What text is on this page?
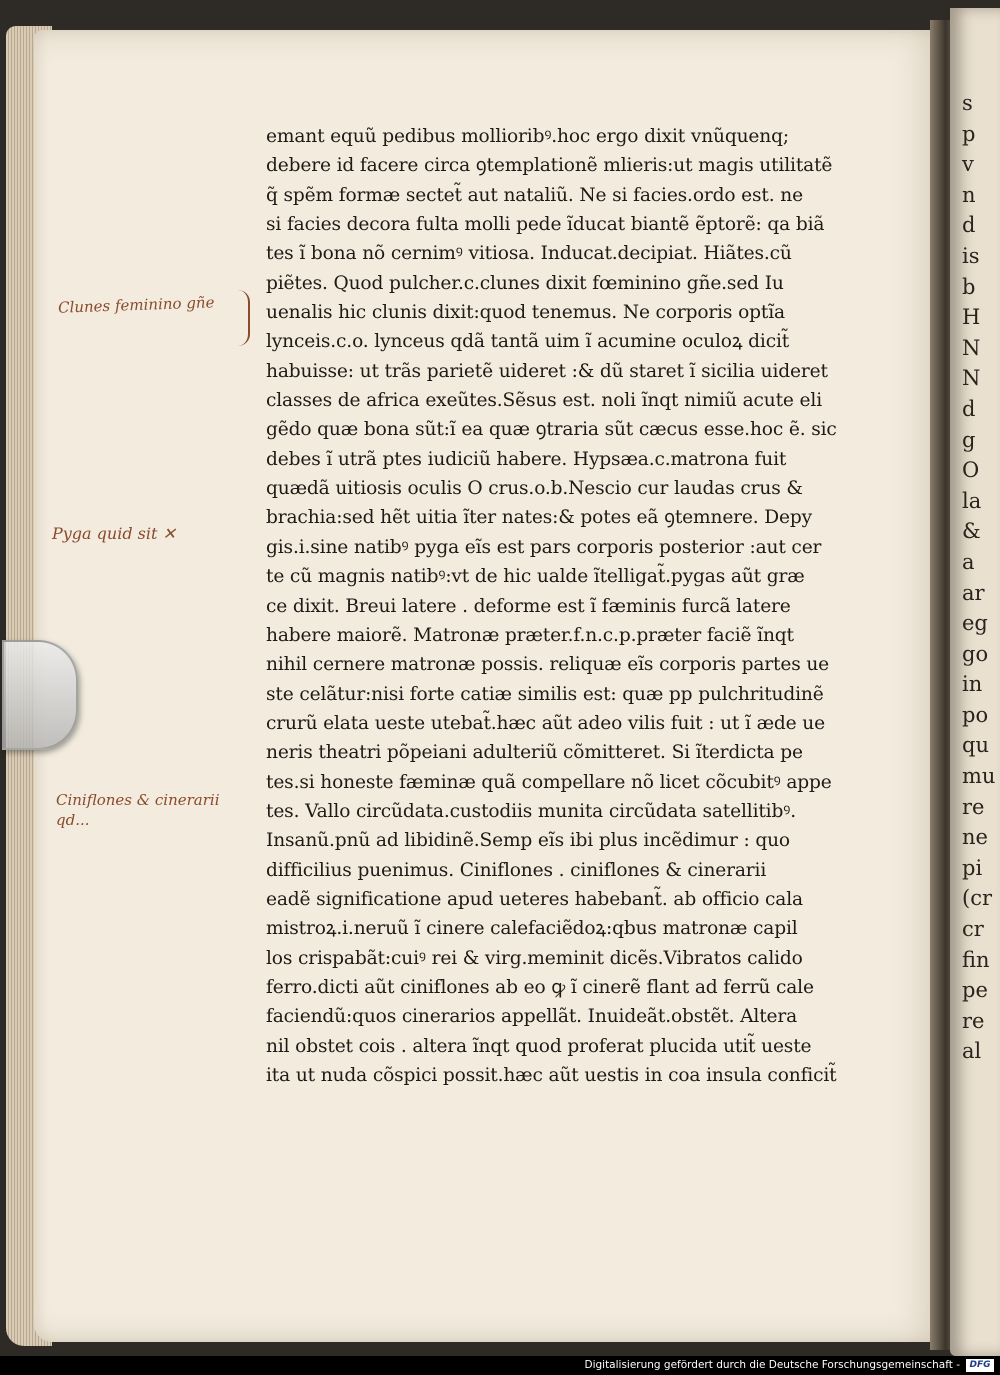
s
p
v
n
d
is
b
H
N
N
d
g
O
la
&
a
ar
eg
go
in
po
qu
mu
re
ne
pi
(cr
cr
fin
pe
re
al
emant equũ pedibus mollioribꝰ.hoc ergo dixit vnũquenq;
debere id facere circa ꝯtemplationẽ mlieris:ut magis utilitatẽ
q̃ spẽm formæ sectet̃ aut nataliũ. Ne si facies.ordo est. ne
si facies decora fulta molli pede ĩducat biantẽ ẽptorẽ: qa biã
tes ĩ bona nõ cernimꝰ vitiosa. Inducat.decipiat. Hiãtes.cũ
piẽtes. Quod pulcher.c.clunes dixit fœminino gñe.sed Iu
uenalis hic clunis dixit:quod tenemus. Ne corporis optĩa
lynceis.c.o. lynceus qdã tantã uim ĩ acumine oculoꝝ dicit̃
habuisse: ut trãs parietẽ uideret :& dũ staret ĩ sicilia uideret
classes de africa exeũtes.Sẽsus est. noli ĩnqt nimiũ acute eli
gẽdo quæ bona sũt:ĩ ea quæ ꝯtraria sũt cæcus esse.hoc ẽ. sic
debes ĩ utrã ptes iudiciũ habere. Hypsæa.c.matrona fuit
quædã uitiosis oculis O crus.o.b.Nescio cur laudas crus &
brachia:sed hẽt uitia ĩter nates:& potes eã ꝯtemnere. Depy
gis.i.sine natibꝰ pyga eĩs est pars corporis posterior :aut cer
te cũ magnis natibꝰ:vt de hic ualde ĩtelligat̃.pygas aũt græ
ce dixit. Breui latere . deforme est ĩ fæminis furcã latere
habere maiorẽ. Matronæ præter.f.n.c.p.præter faciẽ ĩnqt
nihil cernere matronæ possis. reliquæ eĩs corporis partes ue
ste celãtur:nisi forte catiæ similis est: quæ pp pulchritudinẽ
crurũ elata ueste utebat̃.hæc aũt adeo vilis fuit : ut ĩ æde ue
neris theatri põpeiani adulteriũ cõmitteret. Si ĩterdicta pe
tes.si honeste fæminæ quã compellare nõ licet cõcubitꝰ appe
tes. Vallo circũdata.custodiis munita circũdata satellitibꝰ.
Insanũ.pnũ ad libidinẽ.Semp eĩs ibi plus incẽdimur : quo
difficilius puenimus. Ciniflones . ciniflones & cinerarii
eadẽ significatione apud ueteres habebant̃. ab officio cala
mistroꝝ.i.neruũ ĩ cinere calefaciẽdoꝝ:qbus matronæ capil
los crispabãt:cuiꝰ rei & virg.meminit dicẽs.Vibratos calido
ferro.dicti aũt ciniflones ab eo ꝙ ĩ cinerẽ flant ad ferrũ cale
faciendũ:quos cinerarios appellãt. Inuideãt.obstẽt. Altera
nil obstet cois . altera ĩnqt quod proferat plucida utit̃ ueste
ita ut nuda cõspici possit.hæc aũt uestis in coa insula conficit̃
Clunes feminino gñe
Pyga quid sit ✕
Ciniflones & cinerarii
qd...
Digitalisierung gefördert durch die Deutsche Forschungsgemeinschaft -	DFG
